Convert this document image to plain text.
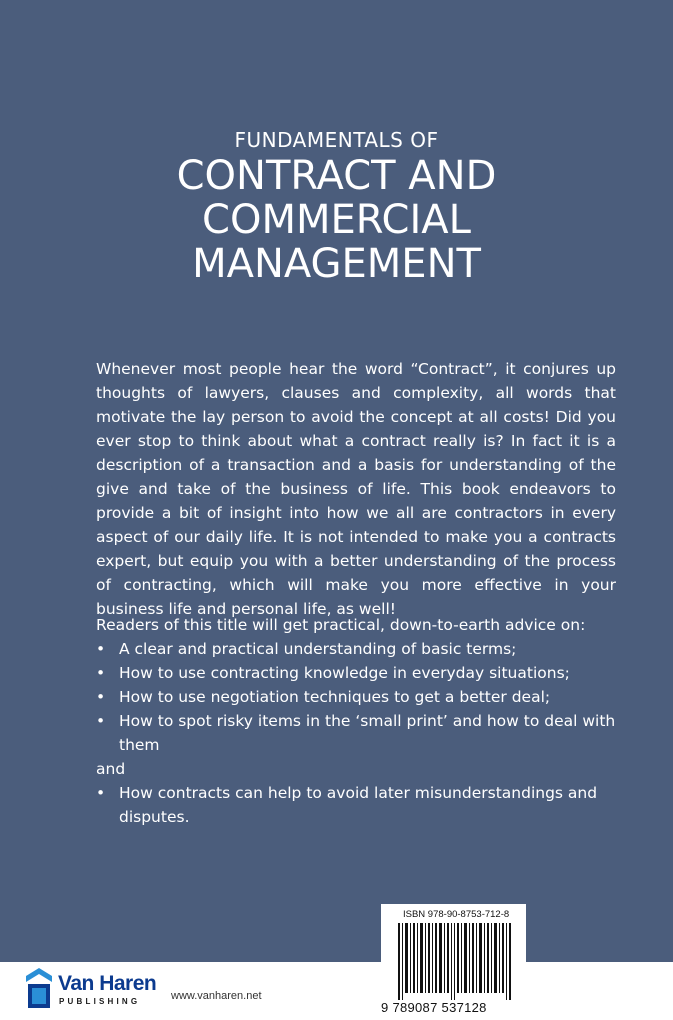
FUNDAMENTALS OF
CONTRACT AND
COMMERCIAL
MANAGEMENT
Whenever most people hear the word “Contract”, it conjures up thoughts of lawyers, clauses and complexity, all words that motivate the lay person to avoid the concept at all costs! Did you ever stop to think about what a contract really is? In fact it is a description of a transaction and a basis for understanding of the give and take of the business of life. This book endeavors to provide a bit of insight into how we all are contractors in every aspect of our daily life. It is not intended to make you a contracts expert, but equip you with a better understanding of the process of contracting, which will make you more effective in your business life and personal life, as well!
Readers of this title will get practical, down-to-earth advice on:
• A clear and practical understanding of basic terms;
• How to use contracting knowledge in everyday situations;
• How to use negotiation techniques to get a better deal;
• How to spot risky items in the ‘small print’ and how to deal with them
and
• How contracts can help to avoid later misunderstandings and disputes.
Van Haren
PUBLISHING	www.vanharen.net
ISBN 978-90-8753-712-8
9 789087 537128
